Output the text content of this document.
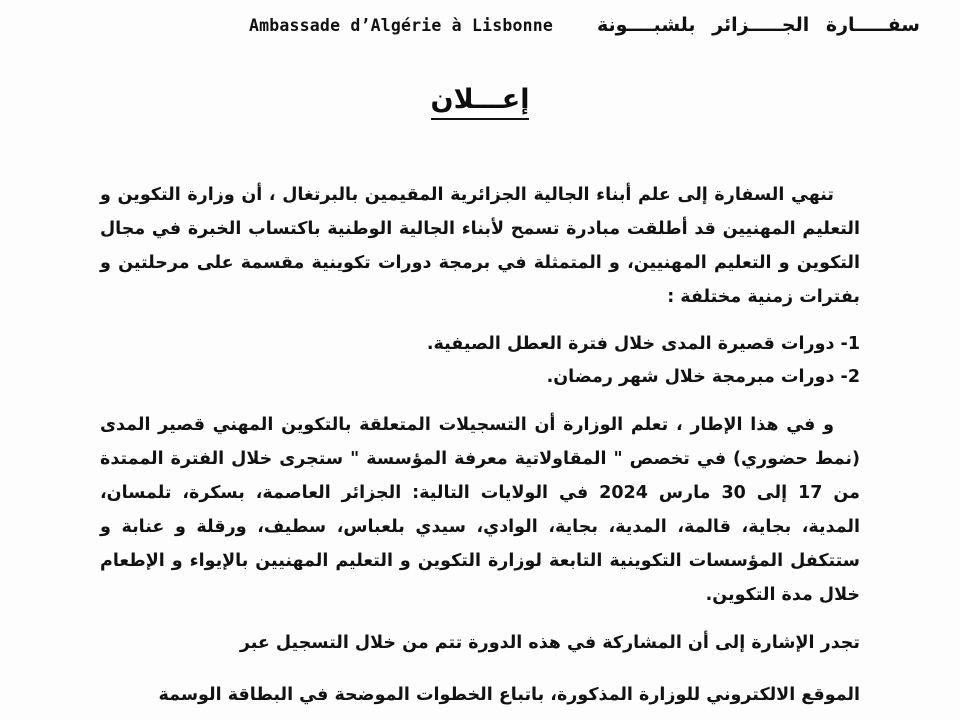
سفـــــارة الجـــــزائر بلشبــــونة
Ambassade d’Algérie à Lisbonne
إعـــلان

تنهي السفارة إلى علم أبناء الجالية الجزائرية المقيمين بالبرتغال ، أن وزارة التكوين و التعليم المهنيين قد أطلقت مبادرة تسمح لأبناء الجالية الوطنية باكتساب الخبرة في مجال التكوين و التعليم المهنيين، و المتمثلة في برمجة دورات تكوينية مقسمة على مرحلتين و بفترات زمنية مختلفة :

1- دورات قصيرة المدى خلال فترة العطل الصيفية.

2- دورات مبرمجة خلال شهر رمضان.

و في هذا الإطار ، تعلم الوزارة أن التسجيلات المتعلقة بالتكوين المهني قصير المدى (نمط حضوري) في تخصص " المقاولاتية معرفة المؤسسة " ستجرى خلال الفترة الممتدة من 17 إلى 30 مارس 2024 في الولايات التالية: الجزائر العاصمة، بسكرة، تلمسان، المدية، بجاية، قالمة، المدية، بجاية، الوادي، سيدي بلعباس، سطيف، ورقلة و عنابة و ستتكفل المؤسسات التكوينية التابعة لوزارة التكوين و التعليم المهنيين بالإيواء و الإطعام خلال مدة التكوين.

تجدر الإشارة إلى أن المشاركة في هذه الدورة تتم من خلال التسجيل عبر

الموقع الالكتروني للوزارة المذكورة، باتباع الخطوات الموضحة في البطاقة الوسمة
